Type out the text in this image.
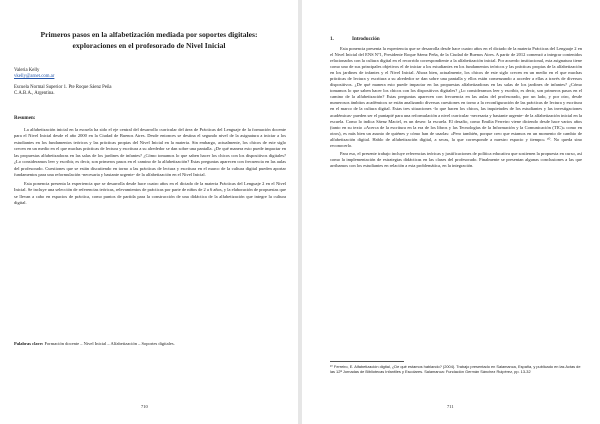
Primeros pasos en la alfabetización mediada por soportes digitales: exploraciones en el profesorado de Nivel Inicial
Valeria Kelly
vkelly@arnet.com.ar
Escuela Normal Superior 1. Pte Roque Sáenz Peña
C.A.B.A., Argentina.
Resumen:

La alfabetización inicial en la escuela ha sido el eje central del desarrollo curricular del área de Prácticas del Lenguaje de la formación docente para el Nivel Inicial desde el año 2000 en la Ciudad de Buenos Aires. Desde entonces se destina el segundo nivel de la asignatura a iniciar a los estudiantes en los fundamentos teóricos y las prácticas propias del Nivel Inicial en la materia. Sin embargo, actualmente, los chicos de este siglo crecen en un medio en el que muchas prácticas de lectura y escritura a su alrededor se dan sobre una pantalla. ¿De qué manera esto puede impactar en las propuestas alfabetizadoras en las salas de los jardines de infantes? ¿Cómo tomamos lo que saben hacer los chicos con los dispositivos digitales? ¿Lo consideramos leer y escribir, es decir, son primeros pasos en el camino de la alfabetización? Estas preguntas aparecen con frecuencia en las aulas del profesorado. Cuestiones que se están discutiendo en torno a las prácticas de lectura y escritura en el marco de la cultura digital pueden aportar fundamentos para una reformulación -necesaria y bastante urgente- de la alfabetización en el Nivel Inicial.

Esta ponencia presenta la experiencia que se desarrolla desde hace cuatro años en el dictado de la materia Prácticas del Lenguaje 2 en el Nivel Inicial. Se incluye una selección de referencias teóricas, relevamientos de prácticas por parte de niños de 2 a 6 años, y la elaboración de propuestas que se llevan a cabo en espacios de práctica, como puntos de partida para la construcción de una didáctica de la alfabetización que integre la cultura digital.

Palabras clave: Formación docente – Nivel Inicial – Alfabetización – Soportes digitales.
710
1.	Introducción

Esta ponencia presenta la experiencia que se desarrolla desde hace cuatro años en el dictado de la materia Prácticas del Lenguaje 2 en el Nivel Inicial del ENS Nº1, Presidente Roque Sáenz Peña, de la Ciudad de Buenos Aires. A partir de 2012 comenzó a integrar contenidos relacionados con la cultura digital en el recorrido correspondiente a la alfabetización inicial. Por acuerdo institucional, esta asignatura tiene como uno de sus principales objetivos el de iniciar a los estudiantes en los fundamentos teóricos y las prácticas propias de la alfabetización en los jardines de infantes y el Nivel Inicial. Ahora bien, actualmente, los chicos de este siglo crecen en un medio en el que muchas prácticas de lectura y escritura a su alrededor se dan sobre una pantalla y ellos están comenzando a acceder a ellas a través de diversos dispositivos. ¿De qué manera esto puede impactar en las propuestas alfabetizadoras en las salas de los jardines de infantes? ¿Cómo tomamos lo que saben hacer los chicos con los dispositivos digitales? ¿Lo consideramos leer y escribir, es decir, son primeros pasos en el camino de la alfabetización? Estas preguntas aparecen con frecuencia en las aulas del profesorado, por un lado, y por otro, desde numerosos ámbitos académicos se están analizando diversas cuestiones en torno a la reconfiguración de las prácticas de lectura y escritura en el marco de la cultura digital. Estas tres situaciones -lo que hacen los chicos, las inquietudes de los estudiantes y las investigaciones académicas- pueden ser el puntapié para una reformulación a nivel curricular -necesaria y bastante urgente- de la alfabetización inicial en la escuela. Como lo indica Sáenz Maciel, es un deseo: la escuela. El desafío, como Emilia Ferreiro viene diciendo desde hace varios años (tanto en su texto «Acerca de la escritura en la era de los libros y las Tecnologías de la Información y la Comunicación (TIC)» como en otros), es más bien un asunto de quiénes y cómo han de usarlas: «Pero también, porque creo que estamos en un momento de cambio de alfabetización digital. Hablo de alfabetización digital, a secas, la que corresponde a nuestro espacio y tiempo» ¹⁰. No queda sino reconocerlo.

Para eso, el presente trabajo incluye referencias teóricas y justificaciones de política educativa que sostienen la propuesta en curso, así como la implementación de estrategias didácticas en las clases del profesorado. Finalmente se presentan algunas conclusiones a las que arribamos con los estudiantes en relación a esta problemática, en la integración.

¹⁰ Ferreiro, E. Alfabetización digital, ¿De qué estamos hablando? (2004). Trabajo presentado en Salamanca, España, y publicado en las Actas de las 12ª Jornadas de Bibliotecas Infantiles y Escolares. Salamanca: Fundación Germán Sánchez Ruipérez, pp. 13-32
711
